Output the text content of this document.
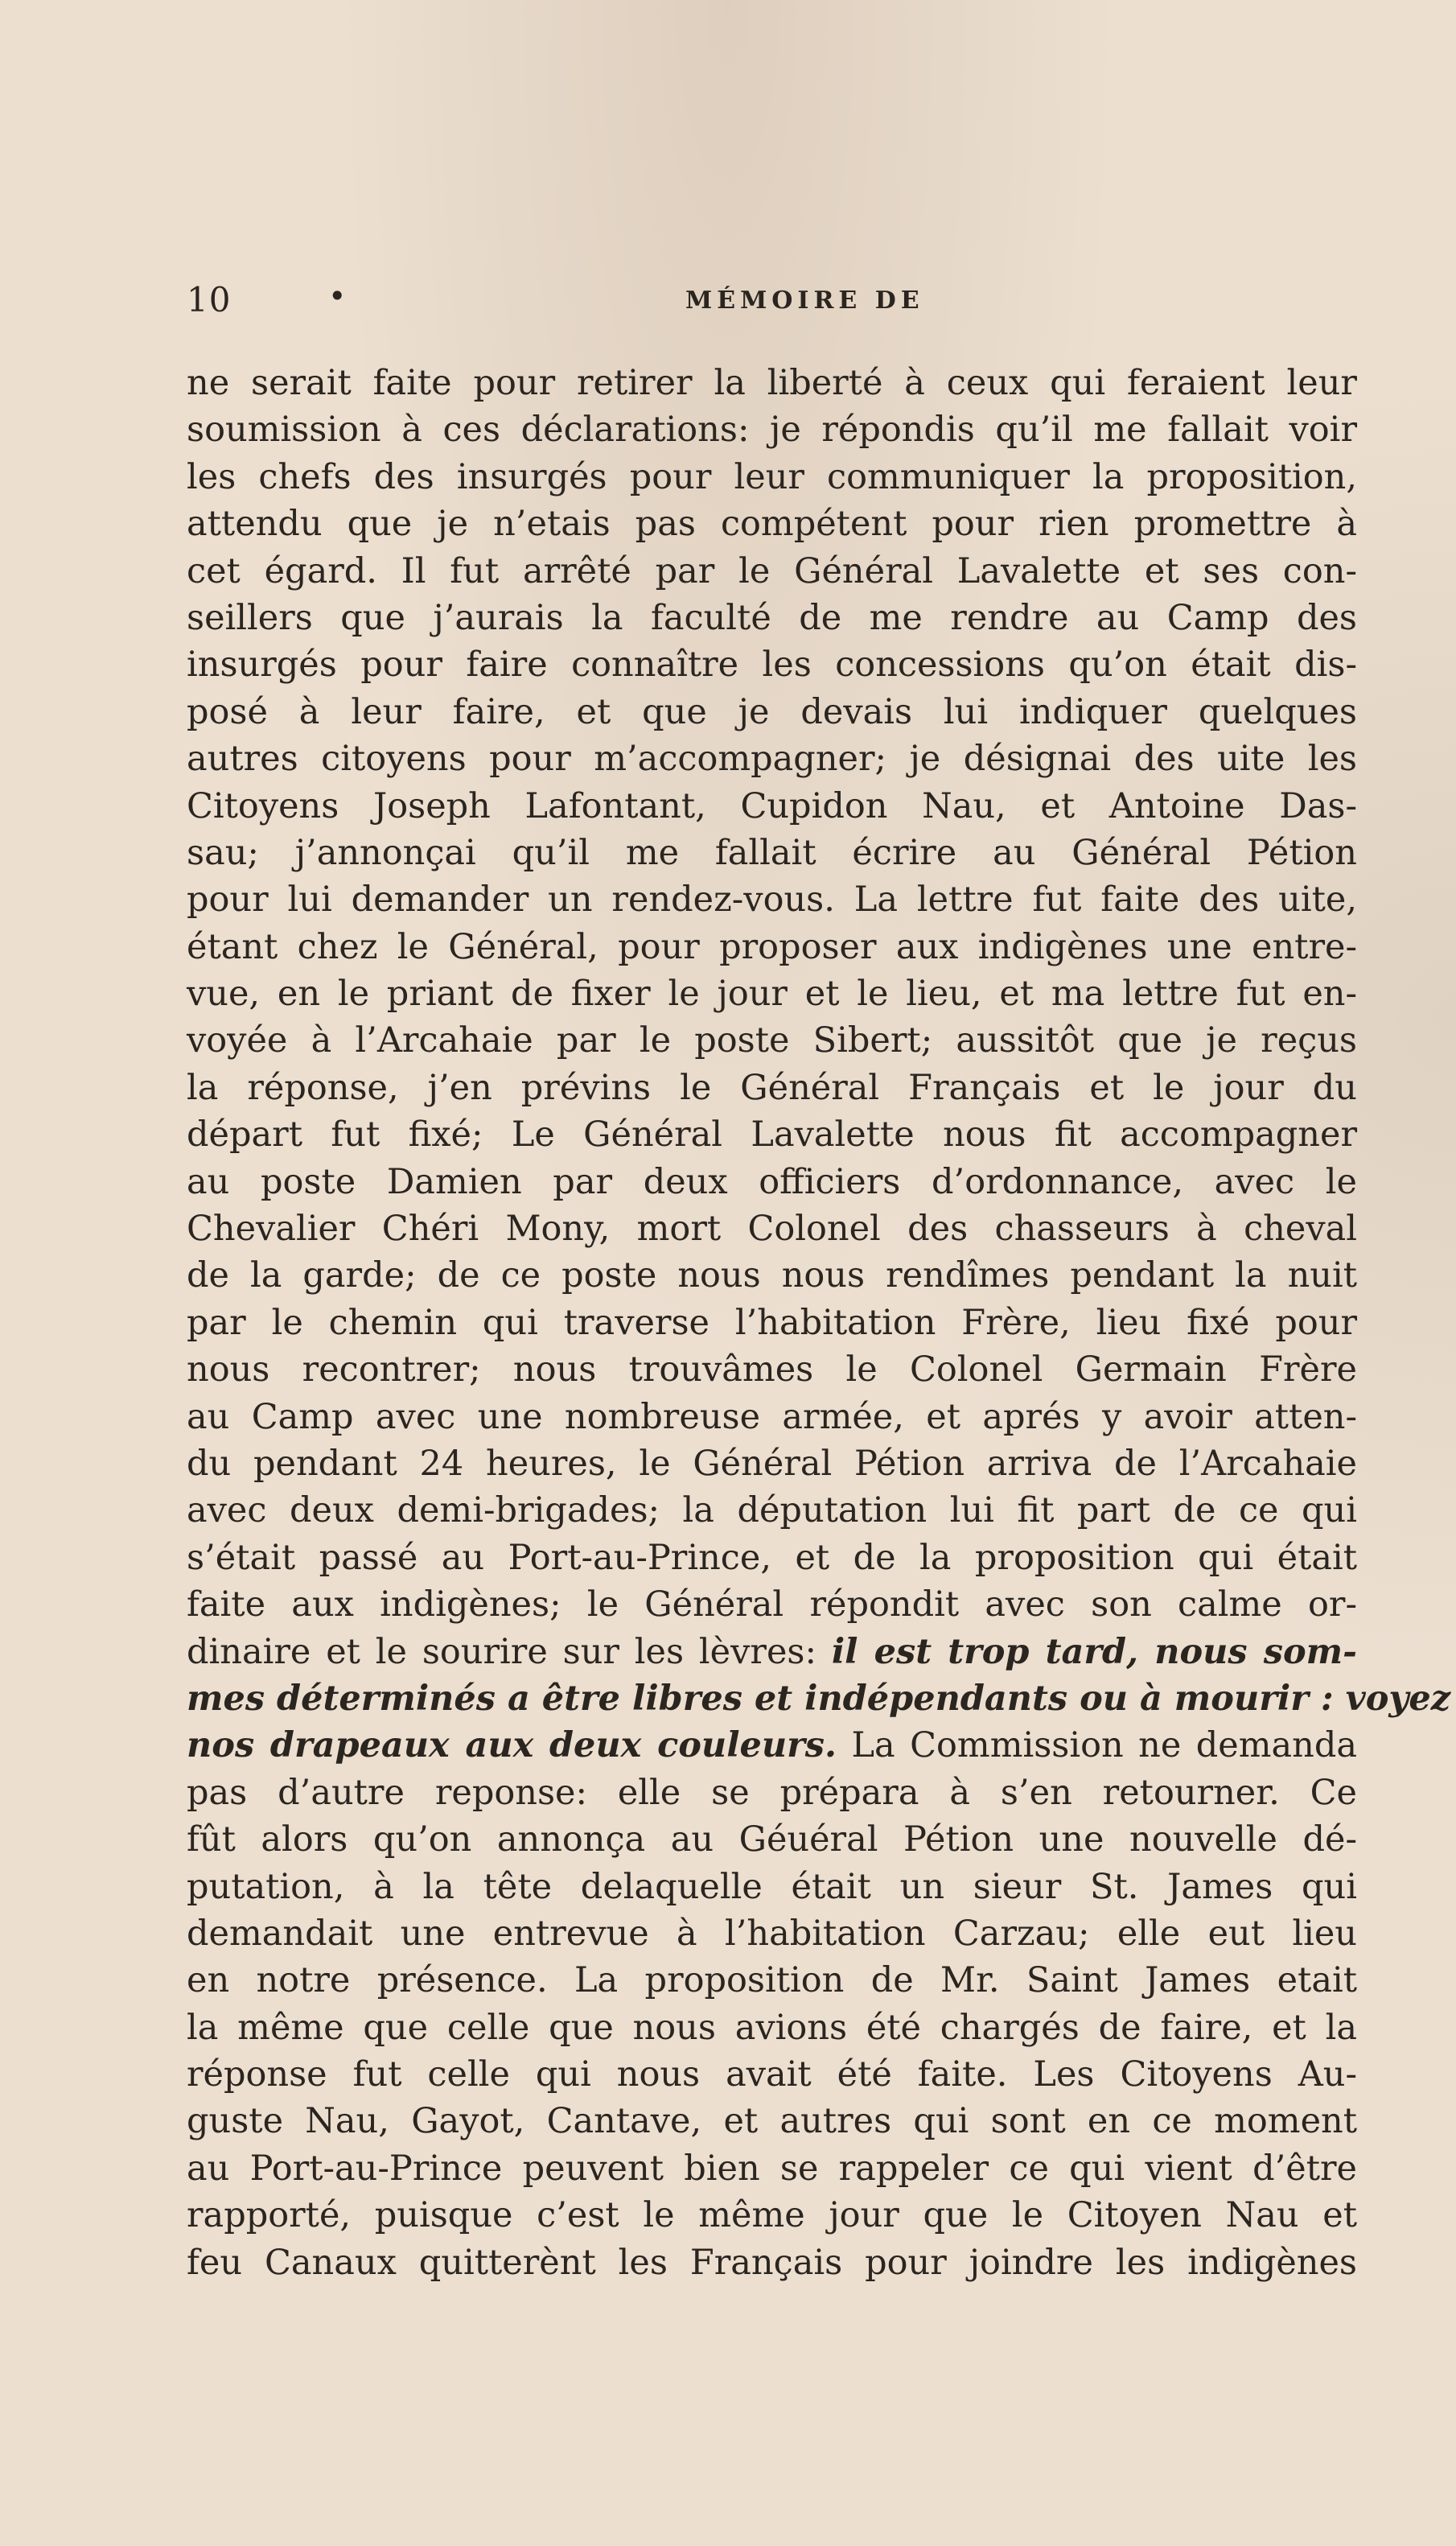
10	•	MÉMOIRE DE
ne serait faite pour retirer la liberté à ceux qui feraient leur
soumission à ces déclarations: je répondis qu’il me fallait voir
les chefs des insurgés pour leur communiquer la proposition,
attendu que je n’etais pas compétent pour rien promettre à
cet égard. Il fut arrêté par le Général Lavalette et ses con-
seillers que j’aurais la faculté de me rendre au Camp des
insurgés pour faire connaître les concessions qu’on était dis-
posé à leur faire, et que je devais lui indiquer quelques
autres citoyens pour m’accompagner; je désignai des uite les
Citoyens Joseph Lafontant, Cupidon Nau, et Antoine Das-
sau; j’annonçai qu’il me fallait écrire au Général Pétion
pour lui demander un rendez-vous. La lettre fut faite des uite,
étant chez le Général, pour proposer aux indigènes une entre-
vue, en le priant de fixer le jour et le lieu, et ma lettre fut en-
voyée à l’Arcahaie par le poste Sibert; aussitôt que je reçus
la réponse, j’en prévins le Général Français et le jour du
départ fut fixé; Le Général Lavalette nous fit accompagner
au poste Damien par deux officiers d’ordonnance, avec le
Chevalier Chéri Mony, mort Colonel des chasseurs à cheval
de la garde; de ce poste nous nous rendîmes pendant la nuit
par le chemin qui traverse l’habitation Frère, lieu fixé pour
nous recontrer; nous trouvâmes le Colonel Germain Frère
au Camp avec une nombreuse armée, et aprés y avoir atten-
du pendant 24 heures, le Général Pétion arriva de l’Arcahaie
avec deux demi-brigades; la députation lui fit part de ce qui
s’était passé au Port-au-Prince, et de la proposition qui était
faite aux indigènes; le Général répondit avec son calme or-
dinaire et le sourire sur les lèvres: il est trop tard, nous som-
mes déterminés a être libres et indépendants ou à mourir : voyez
nos drapeaux aux deux couleurs. La Commission ne demanda
pas d’autre reponse: elle se prépara à s’en retourner. Ce
fût alors qu’on annonça au Géuéral Pétion une nouvelle dé-
putation, à la tête delaquelle était un sieur St. James qui
demandait une entrevue à l’habitation Carzau; elle eut lieu
en notre présence. La proposition de Mr. Saint James etait
la même que celle que nous avions été chargés de faire, et la
réponse fut celle qui nous avait été faite. Les Citoyens Au-
guste Nau, Gayot, Cantave, et autres qui sont en ce moment
au Port-au-Prince peuvent bien se rappeler ce qui vient d’être
rapporté, puisque c’est le même jour que le Citoyen Nau et
feu Canaux quitterènt les Français pour joindre les indigènes
